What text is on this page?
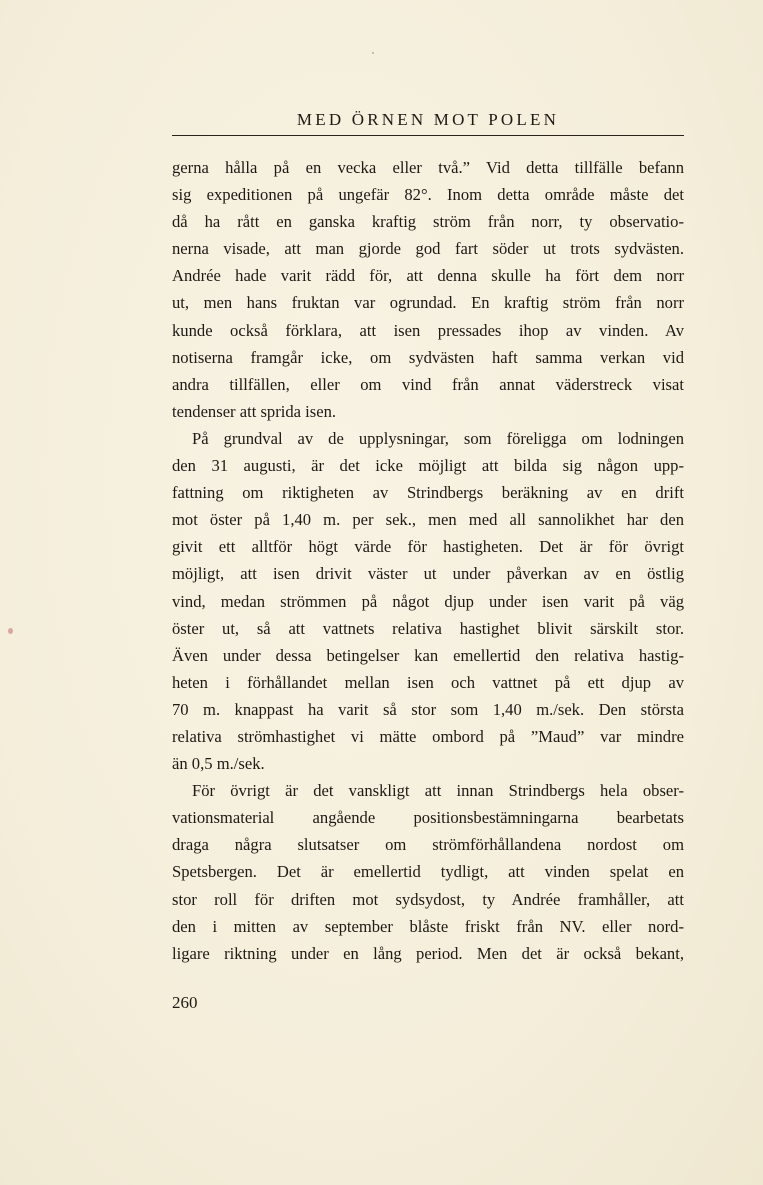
MED ÖRNEN MOT POLEN
gerna hålla på en vecka eller två.” Vid detta tillfälle befann
sig expeditionen på ungefär 82°. Inom detta område måste det
då ha rått en ganska kraftig ström från norr, ty observatio-
nerna visade, att man gjorde god fart söder ut trots sydvästen.
Andrée hade varit rädd för, att denna skulle ha fört dem norr
ut, men hans fruktan var ogrundad. En kraftig ström från norr
kunde också förklara, att isen pressades ihop av vinden. Av
notiserna framgår icke, om sydvästen haft samma verkan vid
andra tillfällen, eller om vind från annat väderstreck visat
tendenser att sprida isen.
På grundval av de upplysningar, som föreligga om lodningen
den 31 augusti, är det icke möjligt att bilda sig någon upp-
fattning om riktigheten av Strindbergs beräkning av en drift
mot öster på 1,40 m. per sek., men med all sannolikhet har den
givit ett alltför högt värde för hastigheten. Det är för övrigt
möjligt, att isen drivit väster ut under påverkan av en östlig
vind, medan strömmen på något djup under isen varit på väg
öster ut, så att vattnets relativa hastighet blivit särskilt stor.
Även under dessa betingelser kan emellertid den relativa hastig-
heten i förhållandet mellan isen och vattnet på ett djup av
70 m. knappast ha varit så stor som 1,40 m./sek. Den största
relativa strömhastighet vi mätte ombord på ”Maud” var mindre
än 0,5 m./sek.
För övrigt är det vanskligt att innan Strindbergs hela obser-
vationsmaterial angående positionsbestämningarna bearbetats
draga några slutsatser om strömförhållandena nordost om
Spetsbergen. Det är emellertid tydligt, att vinden spelat en
stor roll för driften mot sydsydost, ty Andrée framhåller, att
den i mitten av september blåste friskt från NV. eller nord-
ligare riktning under en lång period. Men det är också bekant,
260
